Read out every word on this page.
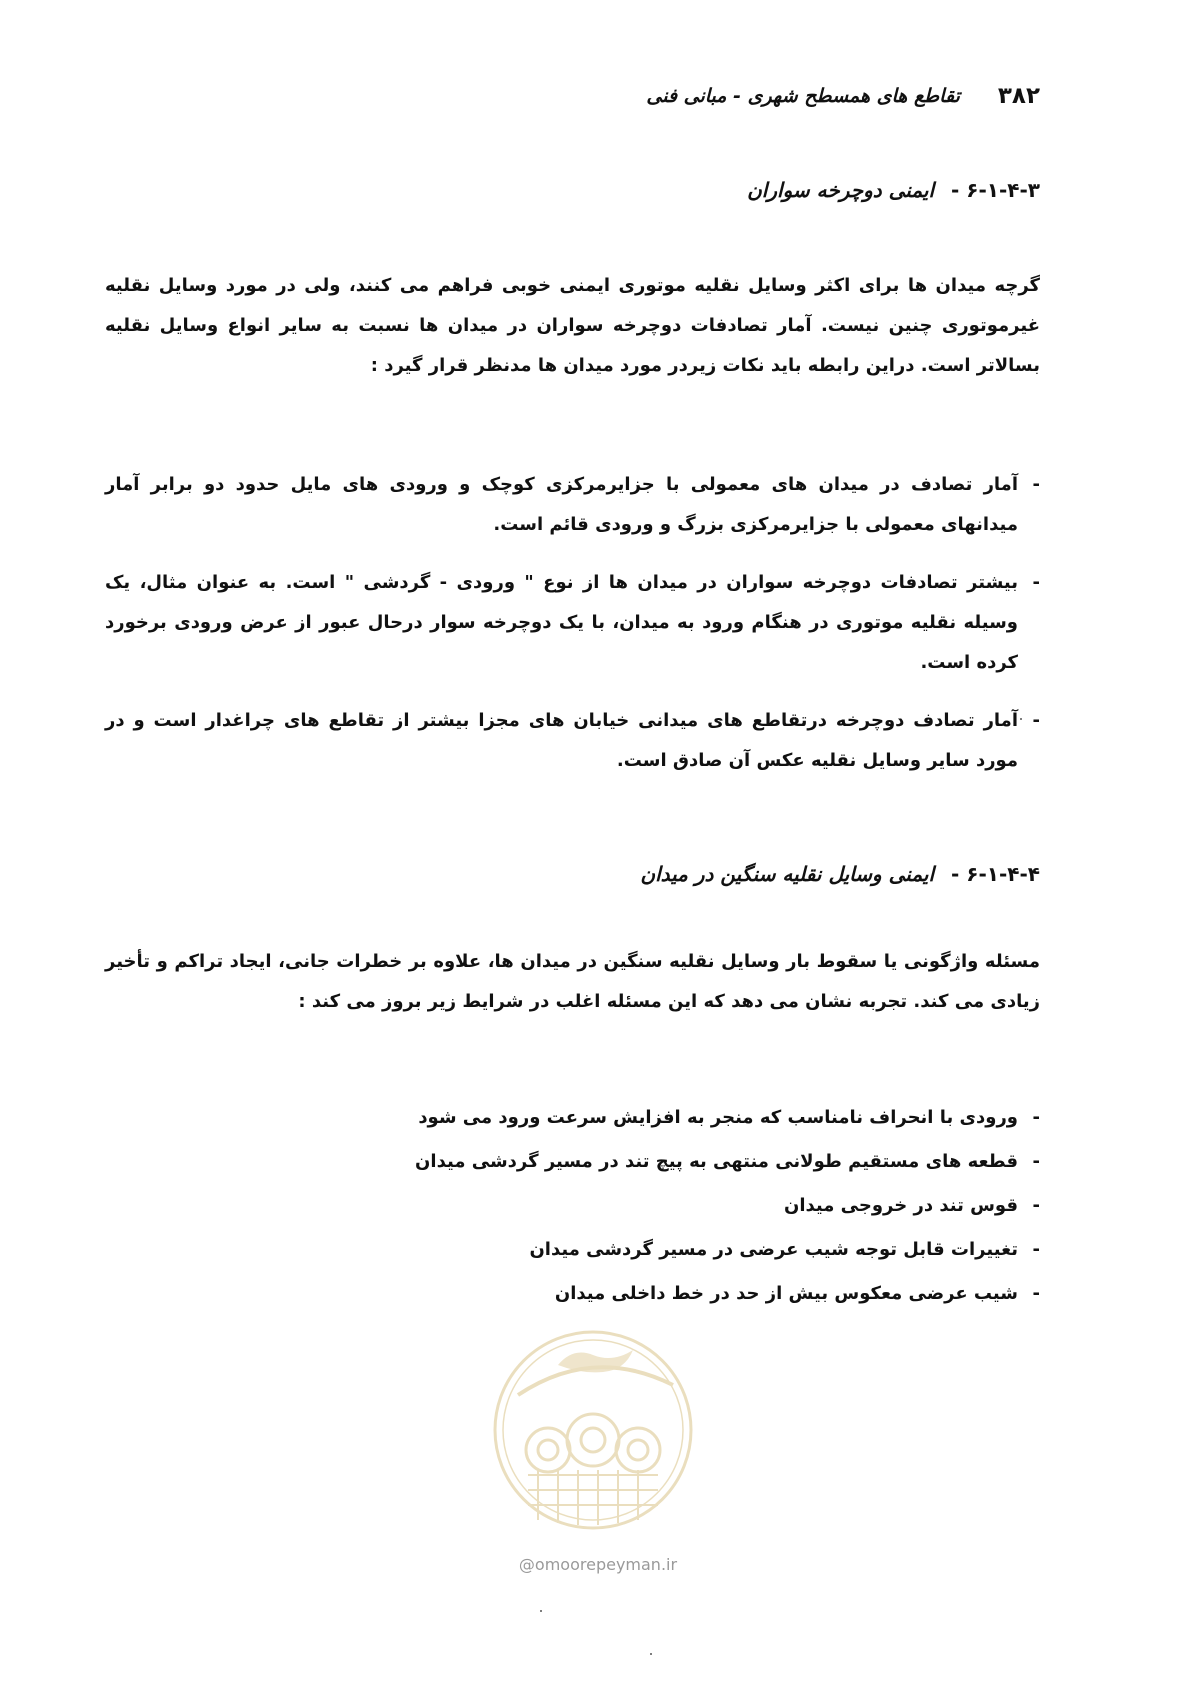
۳۸۲
تقاطع های همسطح شهری - مبانی فنی
۶-۱-۴-۳ - ایمنی دوچرخه سواران
گرچه میدان ها برای اکثر وسایل نقلیه موتوری ایمنی خوبی فراهم می کنند، ولی در مورد وسایل نقلیه غیرموتوری چنین نیست. آمار تصادفات دوچرخه سواران در میدان ها نسبت به سایر انواع وسایل نقلیه بسالاتر است. دراین رابطه باید نکات زیردر مورد میدان ها مدنظر قرار گیرد :
-
آمار تصادف در میدان های معمولی با جزایرمرکزی کوچک و ورودی های مایل حدود دو برابر آمار میدانهای معمولی با جزایرمرکزی بزرگ و ورودی قائم است.
-
بیشتر تصادفات دوچرخه سواران در میدان ها از نوع " ورودی - گردشی " است. به عنوان مثال، یک وسیله نقلیه موتوری در هنگام ورود به میدان، با یک دوچرخه سوار درحال عبور از عرض ورودی برخورد کرده است.
-
آمار تصادف دوچرخه درتقاطع های میدانی خیابان های مجزا بیشتر از تقاطع های چراغدار است و در مورد سایر وسایل نقلیه عکس آن صادق است.
۶-۱-۴-۴ - ایمنی وسایل نقلیه سنگین در میدان
مسئله واژگونی یا سقوط بار وسایل نقلیه سنگین در میدان ها، علاوه بر خطرات جانی، ایجاد تراکم و تأخیر زیادی می کند. تجربه نشان می دهد که این مسئله اغلب در شرایط زیر بروز می کند :
-
ورودی با انحراف نامناسب که منجر به افزایش سرعت ورود می شود
-
قطعه های مستقیم طولانی منتهی به پیچ تند در مسیر گردشی میدان
-
قوس تند در خروجی میدان
-
تغییرات قابل توجه شیب عرضی در مسیر گردشی میدان
-
شیب عرضی معکوس بیش از حد در خط داخلی میدان
@omoorepeyman.ir
